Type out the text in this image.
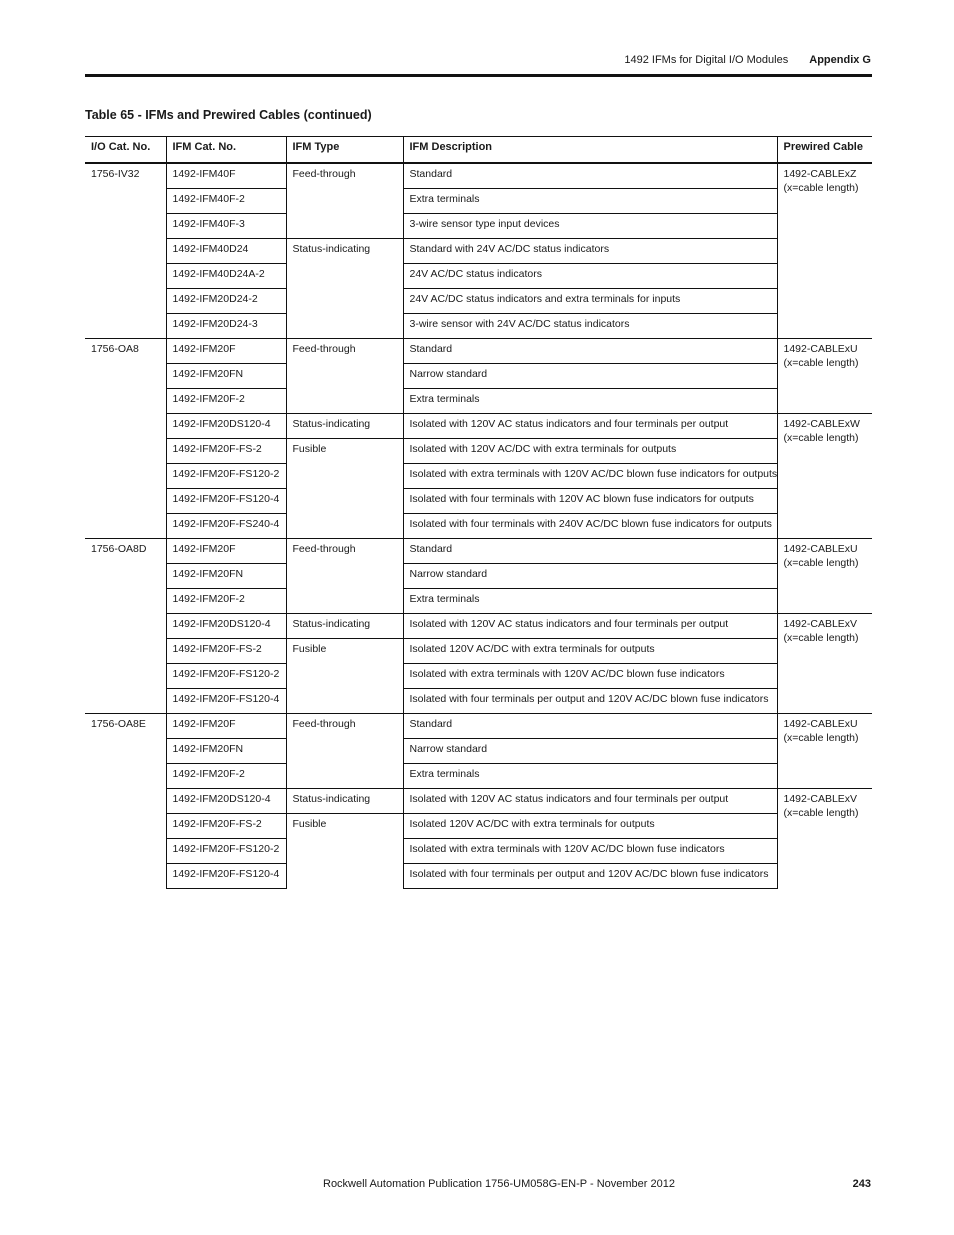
1492 IFMs for Digital I/O Modules Appendix G
Table 65 - IFMs and Prewired Cables (continued)
I/O Cat. No.	IFM Cat. No.	IFM Type	IFM Description	Prewired Cable
1756-IV32	1492-IFM40F	Feed-through	Standard	1492-CABLExZ
(x=cable length)

	1492-IFM40F-2		Extra terminals	
	1492-IFM40F-3		3-wire sensor type input devices	
	1492-IFM40D24	Status-indicating	Standard with 24V AC/DC status indicators	
	1492-IFM40D24A-2		24V AC/DC status indicators	
	1492-IFM20D24-2		24V AC/DC status indicators and extra terminals for inputs	
	1492-IFM20D24-3		3-wire sensor with 24V AC/DC status indicators	
1756-OA8	1492-IFM20F	Feed-through	Standard	1492-CABLExU
(x=cable length)

	1492-IFM20FN		Narrow standard	
	1492-IFM20F-2		Extra terminals	
	1492-IFM20DS120-4	Status-indicating	Isolated with 120V AC status indicators and four terminals per output	1492-CABLExW
(x=cable length)

	1492-IFM20F-FS-2	Fusible	Isolated with 120V AC/DC with extra terminals for outputs	
	1492-IFM20F-FS120-2		Isolated with extra terminals with 120V AC/DC blown fuse indicators for outputs	
	1492-IFM20F-FS120-4		Isolated with four terminals with 120V AC blown fuse indicators for outputs	
	1492-IFM20F-FS240-4		Isolated with four terminals with 240V AC/DC blown fuse indicators for outputs	
1756-OA8D	1492-IFM20F	Feed-through	Standard	1492-CABLExU
(x=cable length)

	1492-IFM20FN		Narrow standard	
	1492-IFM20F-2		Extra terminals	
	1492-IFM20DS120-4	Status-indicating	Isolated with 120V AC status indicators and four terminals per output	1492-CABLExV
(x=cable length)

	1492-IFM20F-FS-2	Fusible	Isolated 120V AC/DC with extra terminals for outputs	
	1492-IFM20F-FS120-2		Isolated with extra terminals with 120V AC/DC blown fuse indicators	
	1492-IFM20F-FS120-4		Isolated with four terminals per output and 120V AC/DC blown fuse indicators	
1756-OA8E	1492-IFM20F	Feed-through	Standard	1492-CABLExU
(x=cable length)

	1492-IFM20FN		Narrow standard	
	1492-IFM20F-2		Extra terminals	
	1492-IFM20DS120-4	Status-indicating	Isolated with 120V AC status indicators and four terminals per output	1492-CABLExV
(x=cable length)

	1492-IFM20F-FS-2	Fusible	Isolated 120V AC/DC with extra terminals for outputs	
	1492-IFM20F-FS120-2		Isolated with extra terminals with 120V AC/DC blown fuse indicators	
	1492-IFM20F-FS120-4		Isolated with four terminals per output and 120V AC/DC blown fuse indicators	
Rockwell Automation Publication 1756-UM058G-EN-P - November 2012	243
